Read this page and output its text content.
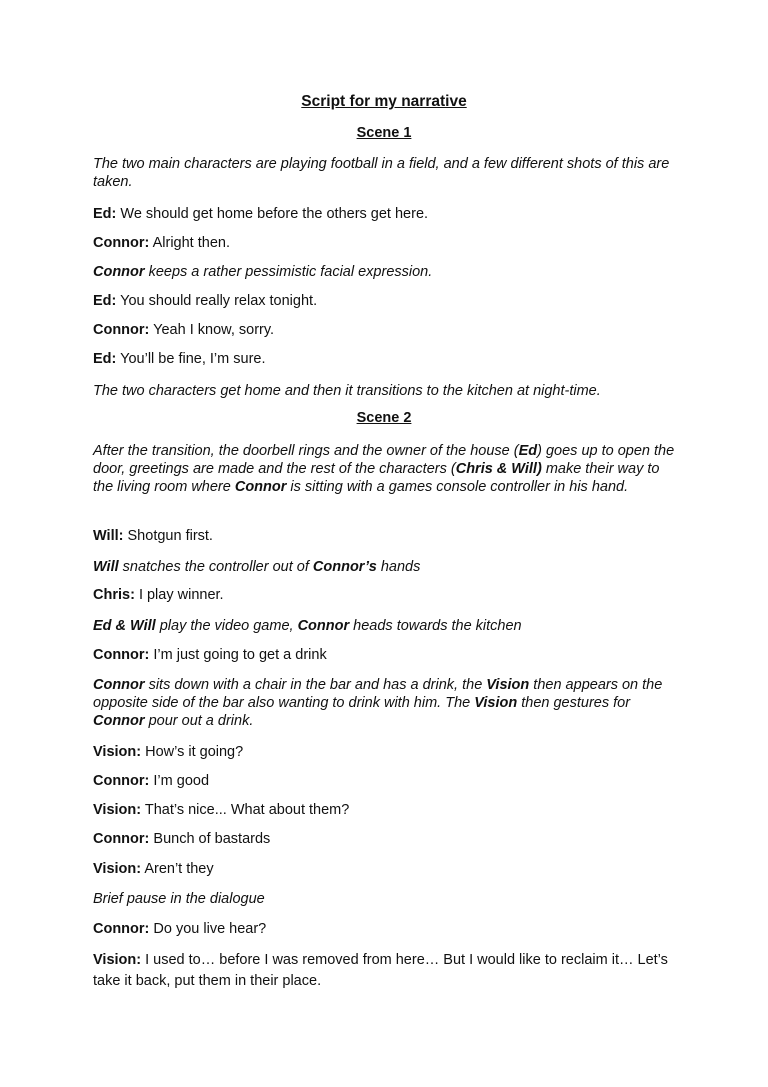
Script for my narrative
Scene 1

The two main characters are playing football in a field, and a few different shots of this are taken.

Ed: We should get home before the others get here.

Connor: Alright then.

Connor keeps a rather pessimistic facial expression.

Ed: You should really relax tonight.

Connor: Yeah I know, sorry.

Ed: You’ll be fine, I’m sure.

The two characters get home and then it transitions to the kitchen at night-time.

Scene 2

After the transition, the doorbell rings and the owner of the house (Ed) goes up to open the door, greetings are made and the rest of the characters (Chris & Will) make their way to the living room where Connor is sitting with a games console controller in his hand.

Will: Shotgun first.

Will snatches the controller out of Connor’s hands

Chris: I play winner.

Ed & Will play the video game, Connor heads towards the kitchen

Connor: I’m just going to get a drink

Connor sits down with a chair in the bar and has a drink, the Vision then appears on the opposite side of the bar also wanting to drink with him. The Vision then gestures for Connor pour out a drink.

Vision: How’s it going?

Connor: I’m good

Vision: That’s nice... What about them?

Connor: Bunch of bastards

Vision: Aren’t they

Brief pause in the dialogue

Connor: Do you live hear?

Vision: I used to… before I was removed from here… But I would like to reclaim it… Let’s take it back, put them in their place.
